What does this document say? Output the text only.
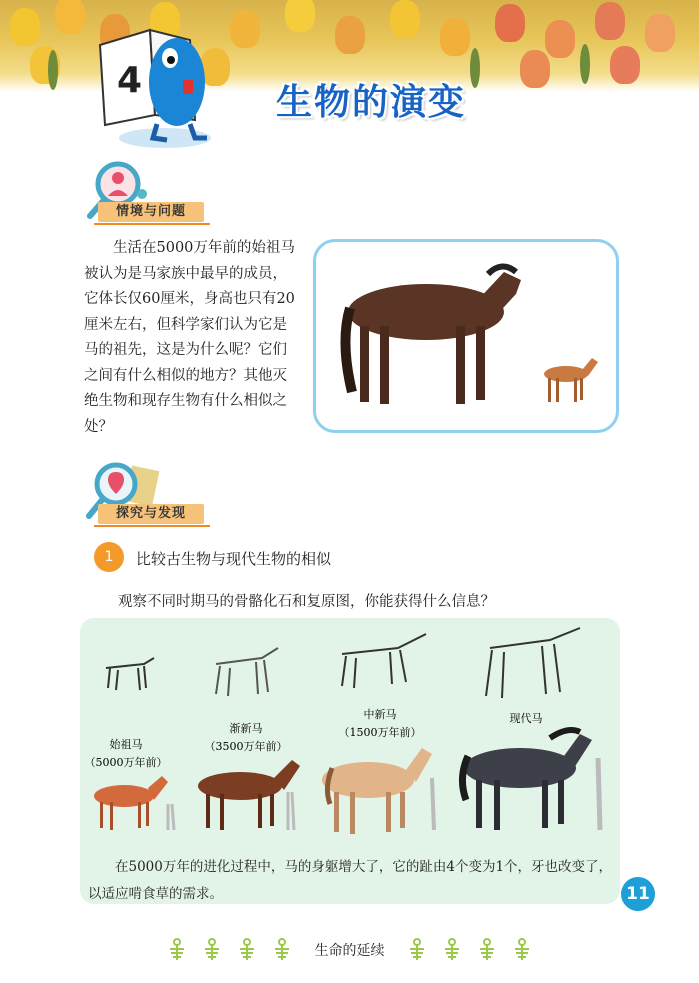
4
生物的演变
情境与问题
生活在5000万年前的始祖马被认为是马家族中最早的成员，它体长仅60厘米，身高也只有20厘米左右，但科学家们认为它是马的祖先，这是为什么呢？它们之间有什么相似的地方？其他灭绝生物和现存生物有什么相似之处？
探究与发现
1	比较古生物与现代生物的相似
观察不同时期马的骨骼化石和复原图，你能获得什么信息？
始祖马
（5000万年前）
渐新马
（3500万年前）
中新马
（1500万年前）
现代马
在5000万年的进化过程中，马的身躯增大了，它的趾由4个变为1个，牙也改变了，以适应啃食草的需求。	11
生命的延续
